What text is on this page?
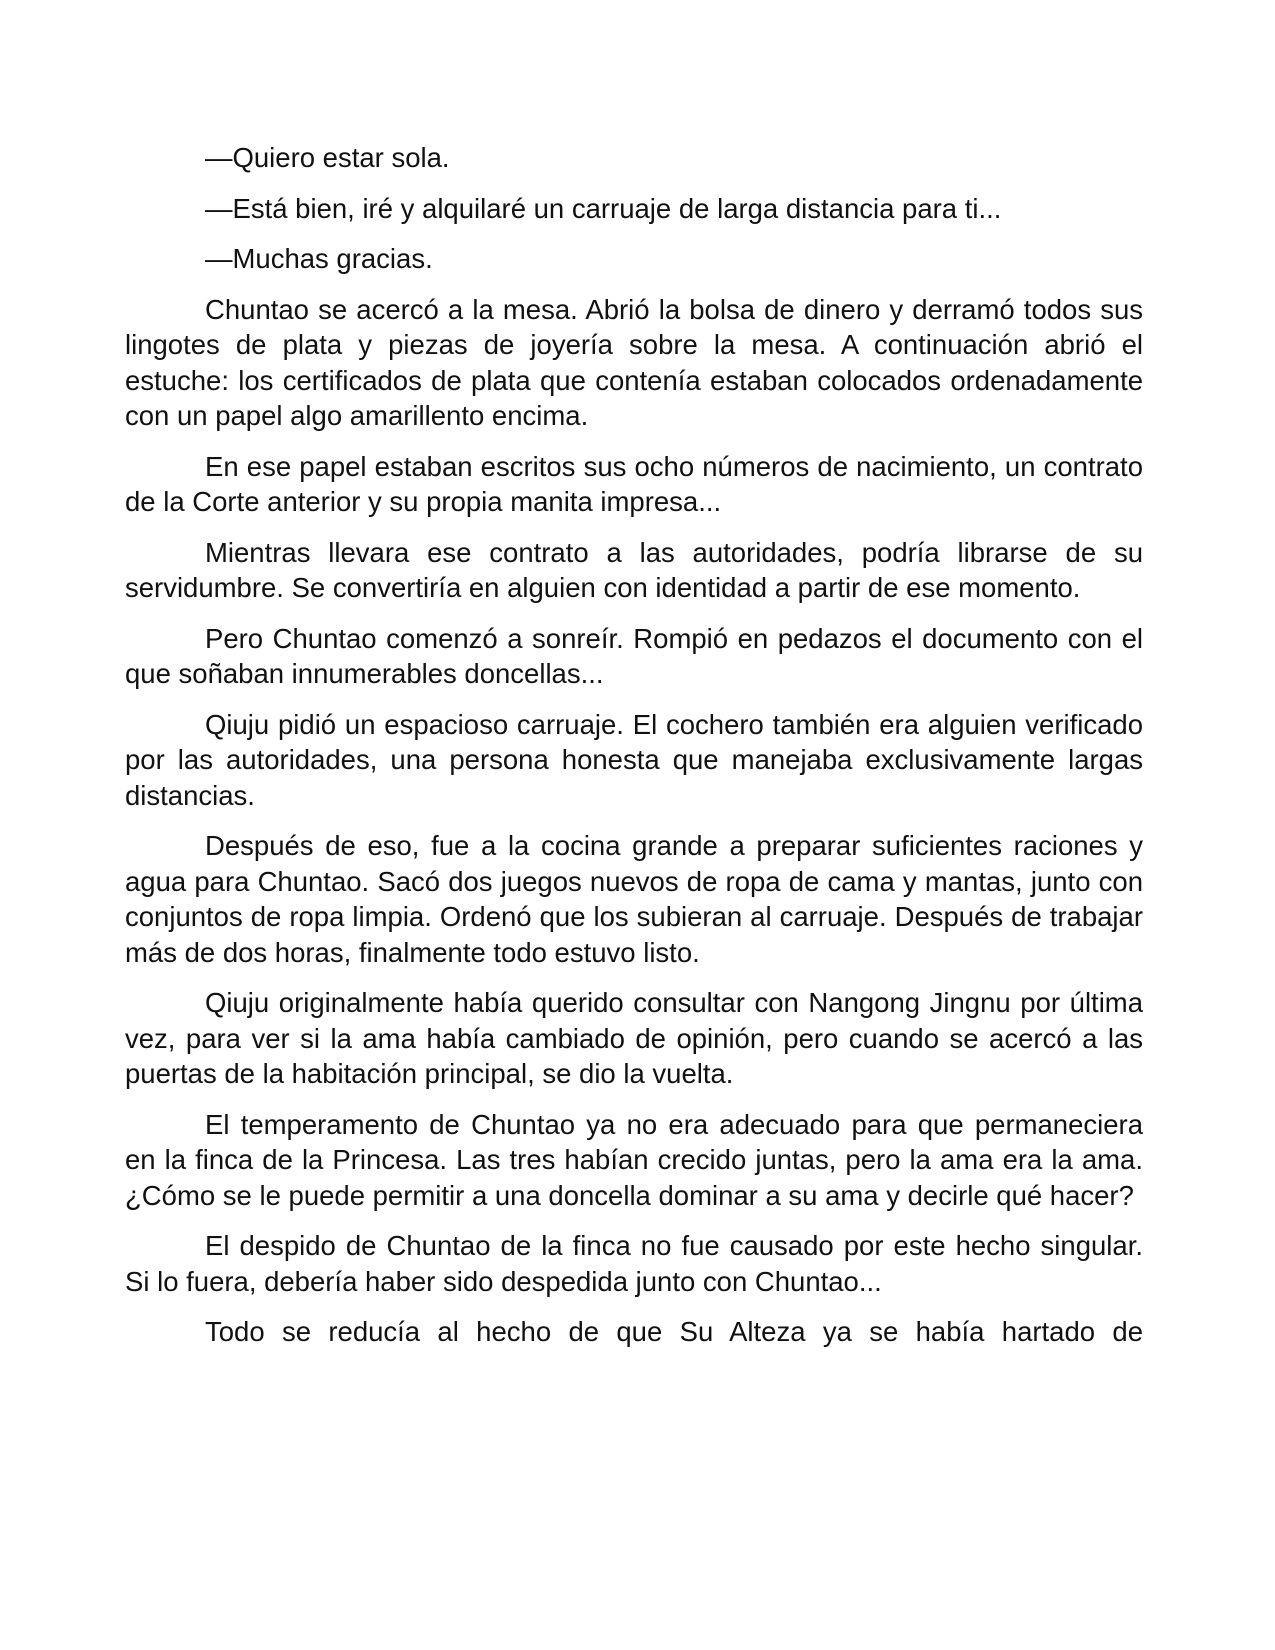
—Quiero estar sola.

—Está bien, iré y alquilaré un carruaje de larga distancia para ti...

—Muchas gracias.

Chuntao se acercó a la mesa. Abrió la bolsa de dinero y derramó todos sus lingotes de plata y piezas de joyería sobre la mesa. A continuación abrió el estuche: los certificados de plata que contenía estaban colocados ordenadamente con un papel algo amarillento encima.

En ese papel estaban escritos sus ocho números de nacimiento, un contrato de la Corte anterior y su propia manita impresa...

Mientras llevara ese contrato a las autoridades, podría librarse de su servidumbre. Se convertiría en alguien con identidad a partir de ese momento.

Pero Chuntao comenzó a sonreír. Rompió en pedazos el documento con el que soñaban innumerables doncellas...

Qiuju pidió un espacioso carruaje. El cochero también era alguien verificado por las autoridades, una persona honesta que manejaba exclusivamente largas distancias.

Después de eso, fue a la cocina grande a preparar suficientes raciones y agua para Chuntao. Sacó dos juegos nuevos de ropa de cama y mantas, junto con conjuntos de ropa limpia. Ordenó que los subieran al carruaje. Después de trabajar más de dos horas, finalmente todo estuvo listo.

Qiuju originalmente había querido consultar con Nangong Jingnu por última vez, para ver si la ama había cambiado de opinión, pero cuando se acercó a las puertas de la habitación principal, se dio la vuelta.

El temperamento de Chuntao ya no era adecuado para que permaneciera en la finca de la Princesa. Las tres habían crecido juntas, pero la ama era la ama. ¿Cómo se le puede permitir a una doncella dominar a su ama y decirle qué hacer?

El despido de Chuntao de la finca no fue causado por este hecho singular. Si lo fuera, debería haber sido despedida junto con Chuntao...

Todo se reducía al hecho de que Su Alteza ya se había hartado de
